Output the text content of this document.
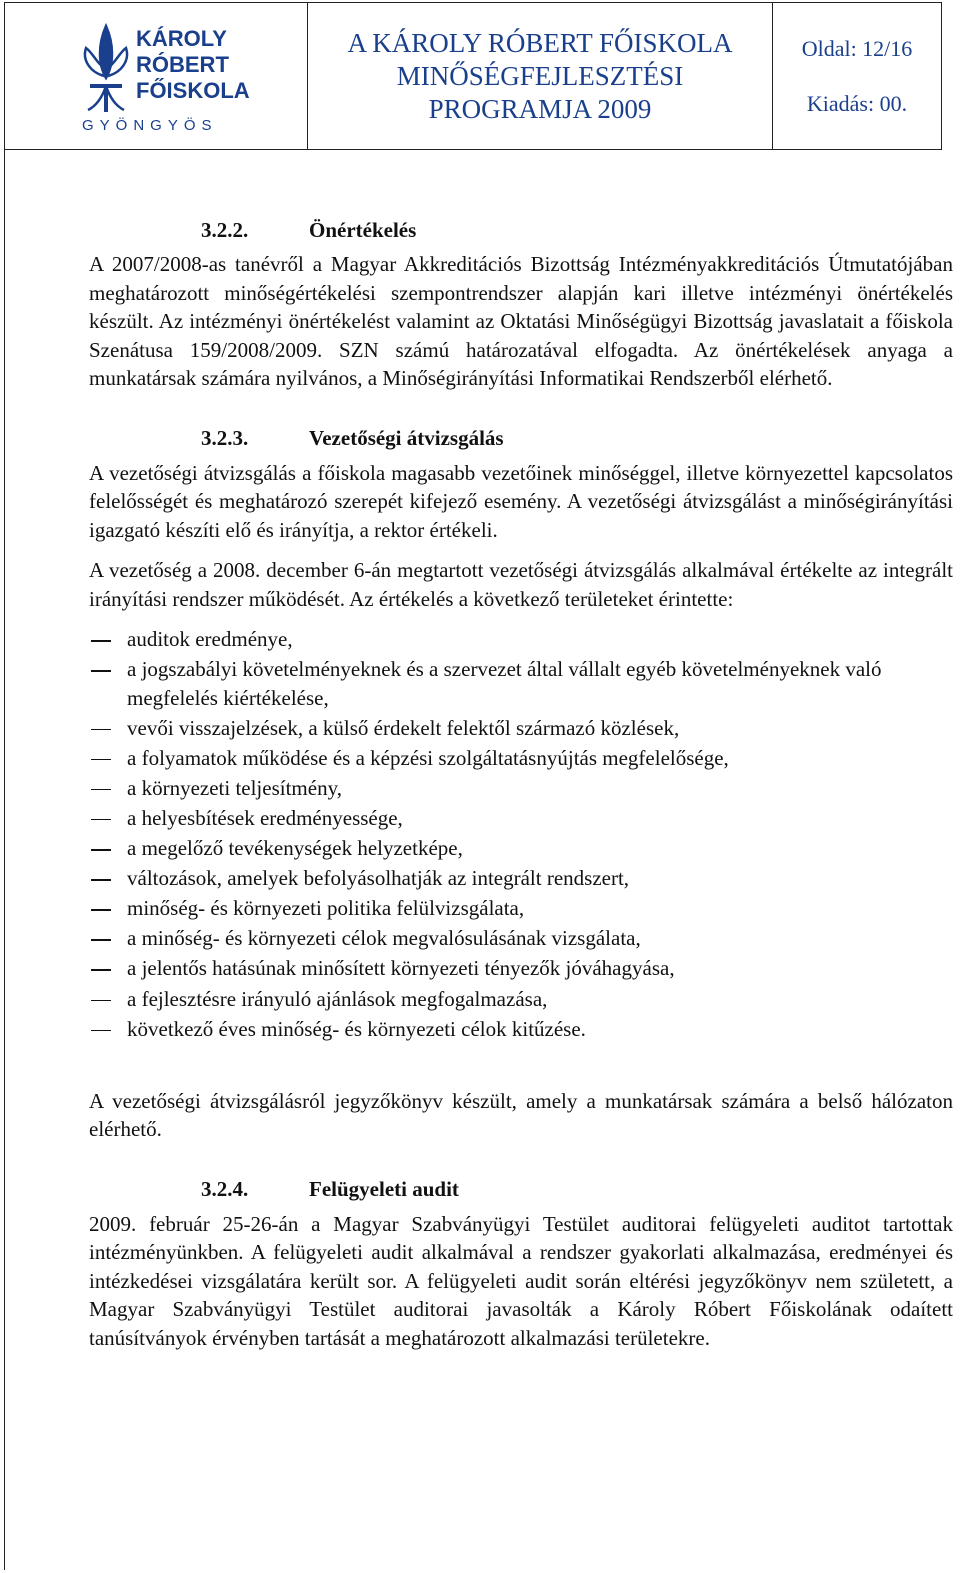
KÁROLY
RÓBERT
FŐISKOLA
GYÖNGYÖS
A KÁROLY RÓBERT FŐISKOLA
MINŐSÉGFEJLESZTÉSI
PROGRAMJA 2009
Oldal: 12/16
Kiadás: 00.
3.2.2.	Önértékelés

A 2007/2008-as tanévről a Magyar Akkreditációs Bizottság Intézményakkreditációs Útmutatójában meghatározott minőségértékelési szempontrendszer alapján kari illetve intézményi önértékelés készült. Az intézményi önértékelést valamint az Oktatási Minőségügyi Bizottság javaslatait a főiskola Szenátusa 159/2008/2009. SZN számú határozatával elfogadta. Az önértékelések anyaga a munkatársak számára nyilvános, a Minőségirányítási Informatikai Rendszerből elérhető.

3.2.3.	Vezetőségi átvizsgálás

A vezetőségi átvizsgálás a főiskola magasabb vezetőinek minőséggel, illetve környezettel kapcsolatos felelősségét és meghatározó szerepét kifejező esemény. A vezetőségi átvizsgálást a minőségirányítási igazgató készíti elő és irányítja, a rektor értékeli.

A vezetőség a 2008. december 6-án megtartott vezetőségi átvizsgálás alkalmával értékelte az integrált irányítási rendszer működését. Az értékelés a következő területeket érintette:

auditok eredménye,
a jogszabályi követelményeknek és a szervezet által vállalt egyéb követelményeknek való megfelelés kiértékelése,
vevői visszajelzések, a külső érdekelt felektől származó közlések,
a folyamatok működése és a képzési szolgáltatásnyújtás megfelelősége,
a környezeti teljesítmény,
a helyesbítések eredményessége,
a megelőző tevékenységek helyzetképe,
változások, amelyek befolyásolhatják az integrált rendszert,
minőség- és környezeti politika felülvizsgálata,
a minőség- és környezeti célok megvalósulásának vizsgálata,
a jelentős hatásúnak minősített környezeti tényezők jóváhagyása,
a fejlesztésre irányuló ajánlások megfogalmazása,
következő éves minőség- és környezeti célok kitűzése.

A vezetőségi átvizsgálásról jegyzőkönyv készült, amely a munkatársak számára a belső hálózaton elérhető.

3.2.4.	Felügyeleti audit

2009. február 25-26-án a Magyar Szabványügyi Testület auditorai felügyeleti auditot tartottak intézményünkben. A felügyeleti audit alkalmával a rendszer gyakorlati alkalmazása, eredményei és intézkedései vizsgálatára került sor. A felügyeleti audit során eltérési jegyzőkönyv nem született, a Magyar Szabványügyi Testület auditorai javasolták a Károly Róbert Főiskolának odaített tanúsítványok érvényben tartását a meghatározott alkalmazási területekre.
